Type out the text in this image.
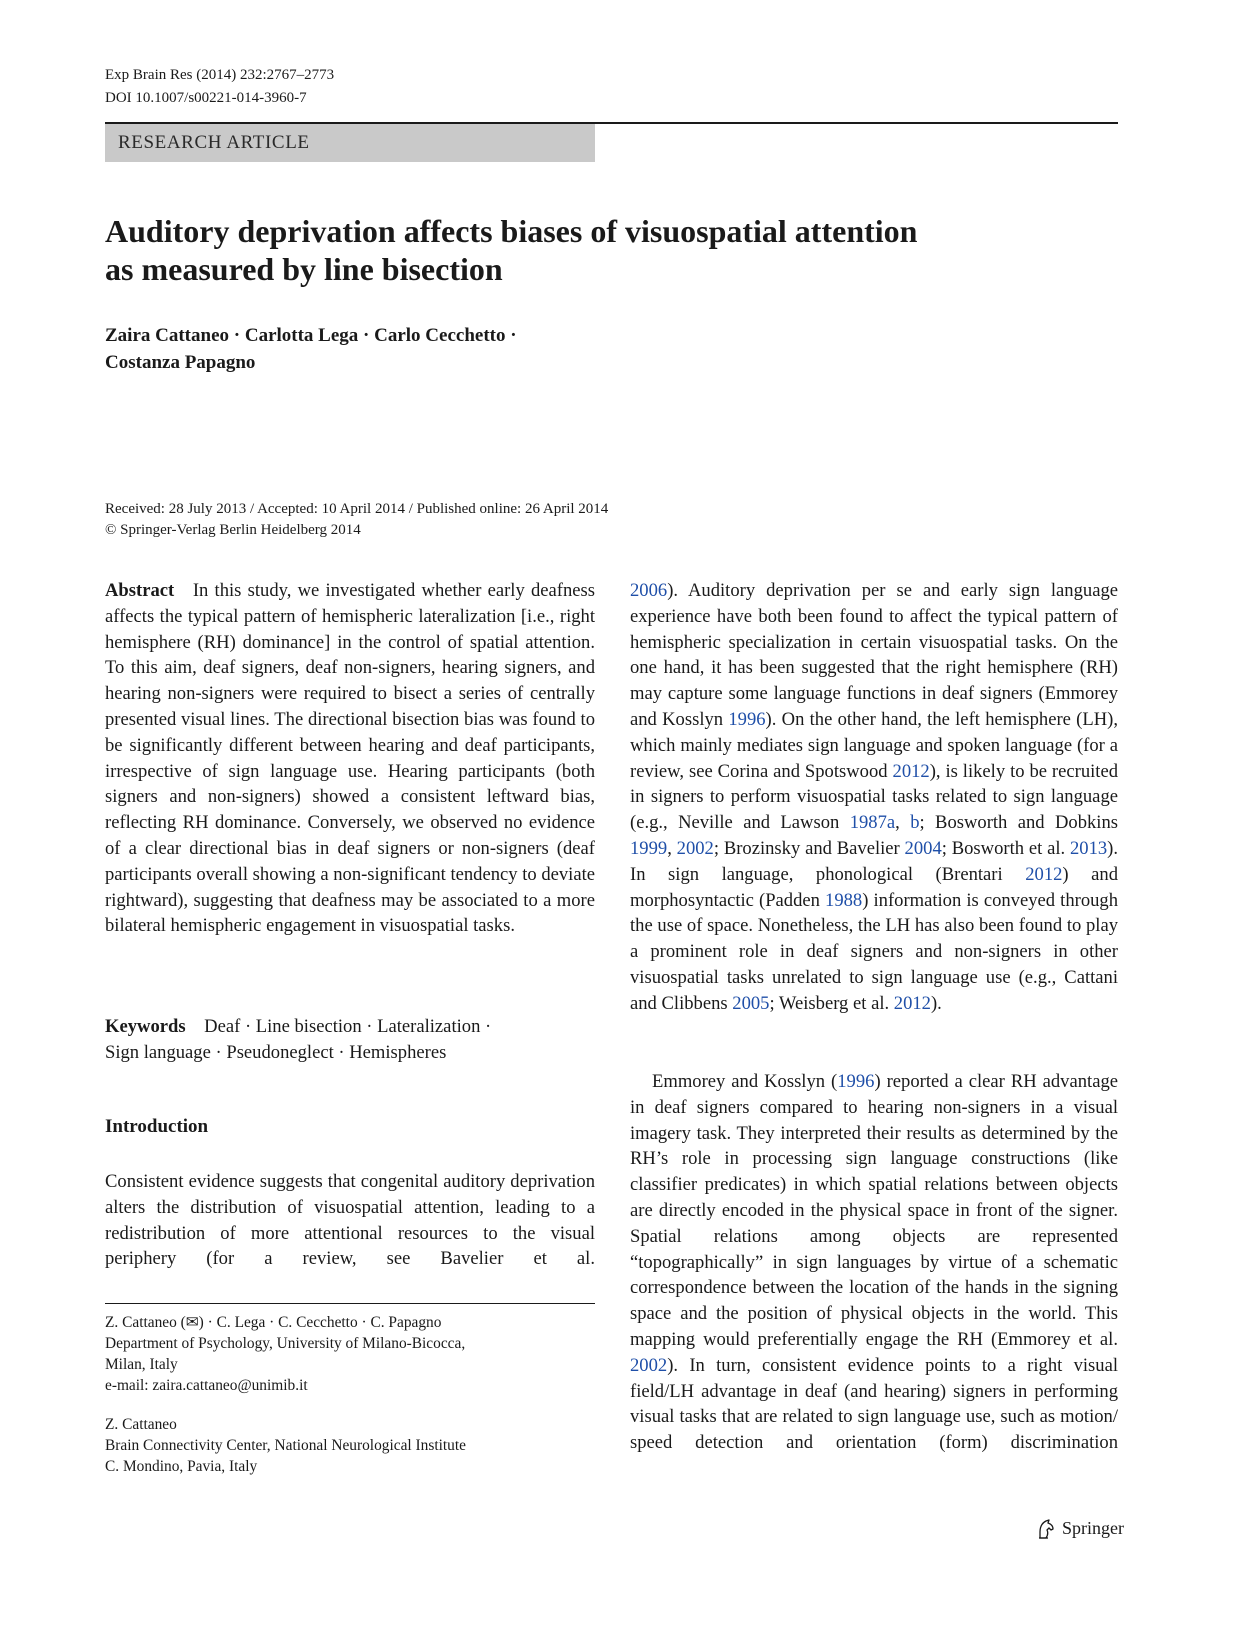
Exp Brain Res (2014) 232:2767–2773
DOI 10.1007/s00221-014-3960-7
RESEARCH ARTICLE
Auditory deprivation affects biases of visuospatial attention
as measured by line bisection
Zaira Cattaneo · Carlotta Lega · Carlo Cecchetto ·
Costanza Papagno
Received: 28 July 2013 / Accepted: 10 April 2014 / Published online: 26 April 2014
© Springer-Verlag Berlin Heidelberg 2014
Abstract In this study, we investigated whether early deafness affects the typical pattern of hemispheric lateralization [i.e., right hemisphere (RH) dominance] in the control of spatial attention. To this aim, deaf signers, deaf non-signers, hearing signers, and hearing non-signers were required to bisect a series of centrally presented visual lines. The directional bisection bias was found to be significantly different between hearing and deaf participants, irrespective of sign language use. Hearing participants (both signers and non-signers) showed a consistent leftward bias, reflecting RH dominance. Conversely, we observed no evidence of a clear directional bias in deaf signers or non-signers (deaf participants overall showing a non-significant tendency to deviate rightward), suggesting that deafness may be associated to a more bilateral hemispheric engagement in visuospatial tasks.
Keywords Deaf · Line bisection · Lateralization ·
Sign language · Pseudoneglect · Hemispheres
Introduction
Consistent evidence suggests that congenital auditory deprivation alters the distribution of visuospatial attention, leading to a redistribution of more attentional resources to the visual periphery (for a review, see Bavelier et al.
Z. Cattaneo (✉) · C. Lega · C. Cecchetto · C. Papagno
Department of Psychology, University of Milano-Bicocca,
Milan, Italy
e-mail: zaira.cattaneo@unimib.it
Z. Cattaneo
Brain Connectivity Center, National Neurological Institute
C. Mondino, Pavia, Italy
2006). Auditory deprivation per se and early sign language experience have both been found to affect the typical pattern of hemispheric specialization in certain visuospatial tasks. On the one hand, it has been suggested that the right hemisphere (RH) may capture some language functions in deaf signers (Emmorey and Kosslyn 1996). On the other hand, the left hemisphere (LH), which mainly mediates sign language and spoken language (for a review, see Corina and Spotswood 2012), is likely to be recruited in signers to perform visuospatial tasks related to sign language (e.g., Neville and Lawson 1987a, b; Bosworth and Dobkins 1999, 2002; Brozinsky and Bavelier 2004; Bosworth et al. 2013). In sign language, phonological (Brentari 2012) and morphosyntactic (Padden 1988) information is conveyed through the use of space. Nonetheless, the LH has also been found to play a prominent role in deaf signers and non-signers in other visuospatial tasks unrelated to sign language use (e.g., Cattani and Clibbens 2005; Weisberg et al. 2012).
Emmorey and Kosslyn (1996) reported a clear RH advantage in deaf signers compared to hearing non-signers in a visual imagery task. They interpreted their results as determined by the RH’s role in processing sign language constructions (like classifier predicates) in which spatial relations between objects are directly encoded in the physical space in front of the signer. Spatial relations among objects are represented “topographically” in sign languages by virtue of a schematic correspondence between the location of the hands in the signing space and the position of physical objects in the world. This mapping would preferentially engage the RH (Emmorey et al. 2002). In turn, consistent evidence points to a right visual field/LH advantage in deaf (and hearing) signers in performing visual tasks that are related to sign language use, such as motion/ speed detection and orientation (form) discrimination
Springer
